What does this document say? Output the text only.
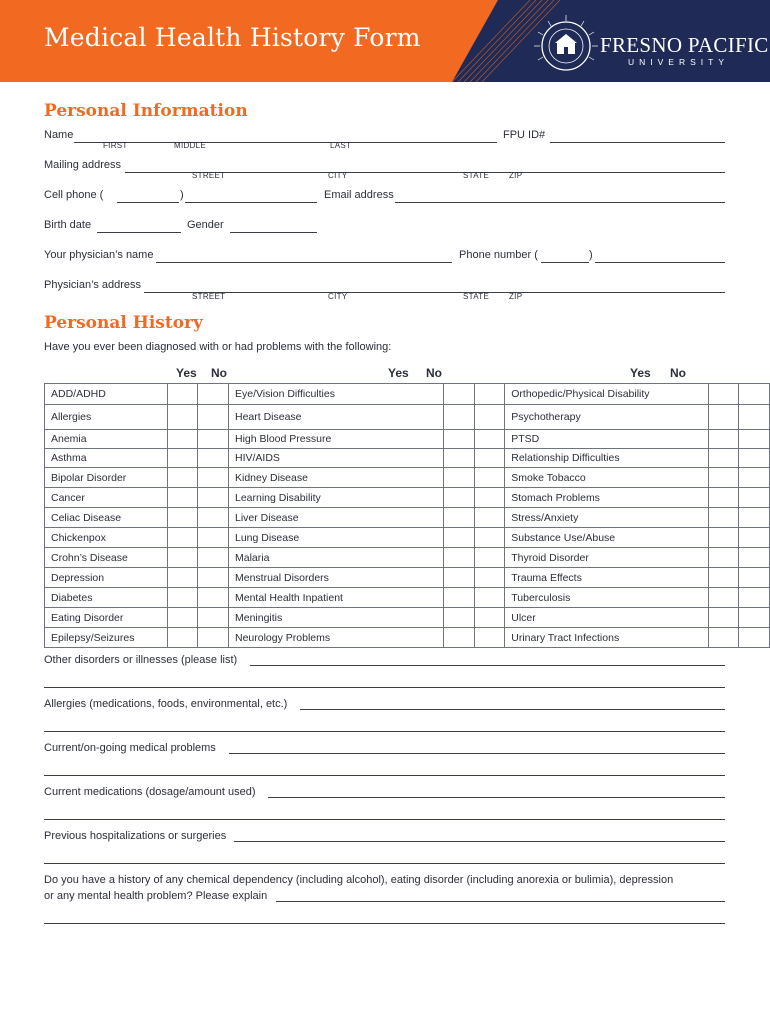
Medical Health History Form	FRESNO PACIFIC
UNIVERSITY
Personal Information
Name
FIRST	MIDDLE	LAST
FPU ID#
Mailing address
STREET	CITY	STATE ZIP
Cell phone (	)	Email address
Birth date	Gender
Your physician’s name	Phone number (	)
Physician’s address
STREET	CITY	STATE ZIP
Personal History
Have you ever been diagnosed with or had problems with the following:
Yes No	Yes No	Yes No
ADD/ADHD			Eye/Vision Difficulties			Orthopedic/Physical Disability		
Allergies			Heart Disease			Psychotherapy		
Anemia			High Blood Pressure			PTSD		
Asthma			HIV/AIDS			Relationship Difficulties		
Bipolar Disorder			Kidney Disease			Smoke Tobacco		
Cancer			Learning Disability			Stomach Problems		
Celiac Disease			Liver Disease			Stress/Anxiety		
Chickenpox			Lung Disease			Substance Use/Abuse		
Crohn’s Disease			Malaria			Thyroid Disorder		
Depression			Menstrual Disorders			Trauma Effects		
Diabetes			Mental Health Inpatient			Tuberculosis		
Eating Disorder			Meningitis			Ulcer		
Epilepsy/Seizures			Neurology Problems			Urinary Tract Infections		
Other disorders or illnesses (please list)
Allergies (medications, foods, environmental, etc.)
Current/on-going medical problems
Current medications (dosage/amount used)
Previous hospitalizations or surgeries
Do you have a history of any chemical dependency (including alcohol), eating disorder (including anorexia or bulimia), depression
or any mental health problem? Please explain
